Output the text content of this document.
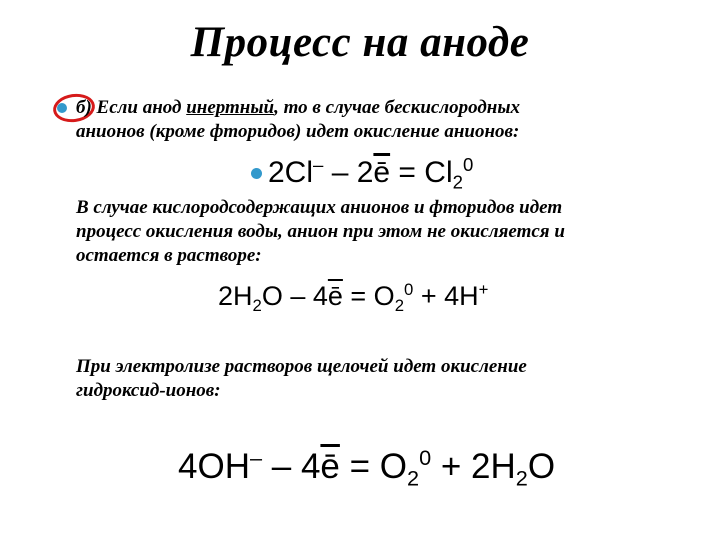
Процесс на аноде
б) Если анод инертный, то в случае бескислородных
анионов (кроме фторидов) идет окисление анионов:
$2Cl^- - 2\overline{ē} = Cl_2^0$
В случае кислородсодержащих анионов и фторидов идет
процесс окисления воды, анион при этом не окисляется и
остается в растворе:
$2H_2O - 4\overline{ē} = O_2^0 + 4H^+$
При электролизе растворов щелочей идет окисление
гидроксид-ионов:
$4OH^- - 4\overline{ē} = O_2^0 + 2H_2O$
